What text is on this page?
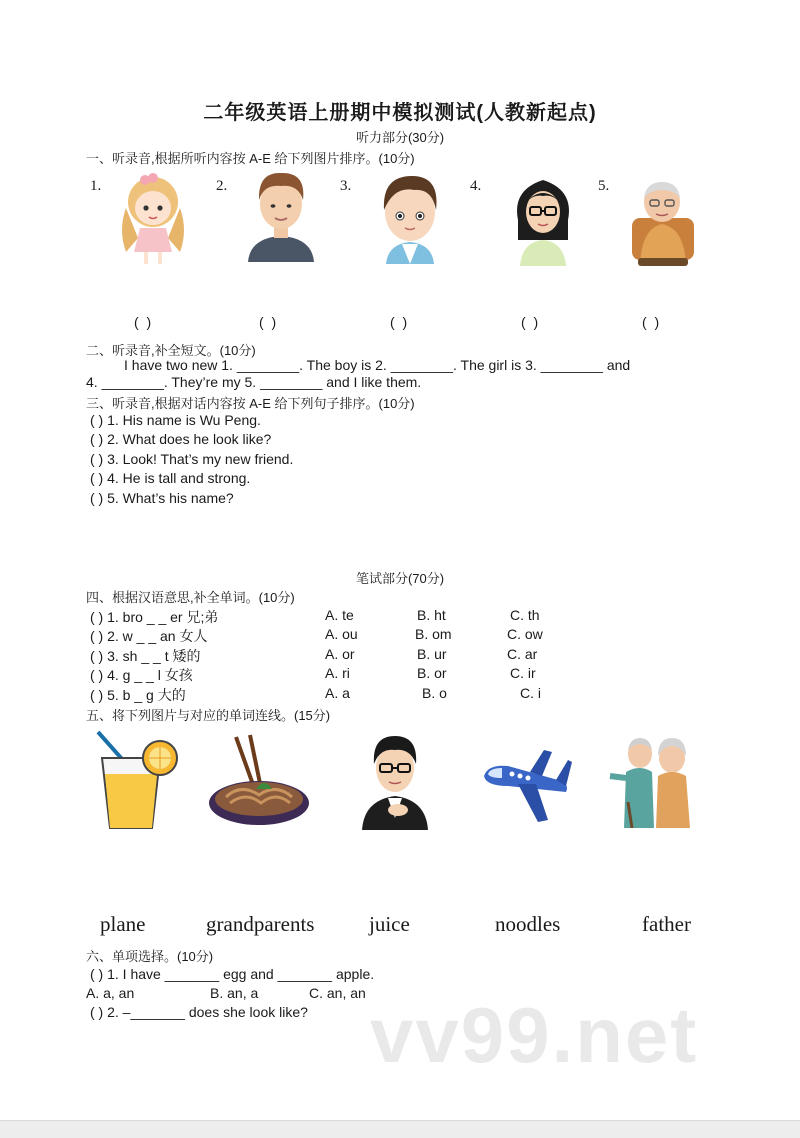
二年级英语上册期中模拟测试(人教新起点)
听力部分(30分)
一、听录音,根据所听内容按 A-E 给下列图片排序。(10分)
1.	2.	3.	4.	5.
( )	( )	( )	( )	( )
二、听录音,补全短文。(10分)
I have two new 1. ________. The boy is 2. ________. The girl is 3. ________ and
4. ________. They’re my 5. ________ and I like them.
三、听录音,根据对话内容按 A-E 给下列句子排序。(10分)
( ) 1. His name is Wu Peng.
( ) 2. What does he look like?
( ) 3. Look! That’s my new friend.
( ) 4. He is tall and strong.
( ) 5. What’s his name?
笔试部分(70分)
四、根据汉语意思,补全单词。(10分)
( ) 1. bro _ _ er 兄;弟	A. te	B. ht	C. th
( ) 2. w _ _ an 女人	A. ou	B. om	C. ow
( ) 3. sh _ _ t 矮的	A. or	B. ur	C. ar
( ) 4. g _ _ l 女孩	A. ri	B. or	C. ir
( ) 5. b _ g 大的	A. a	B. o	C. i
五、将下列图片与对应的单词连线。(15分)
plane	grandparents	juice	noodles	father
六、单项选择。(10分)
( ) 1. I have _______ egg and _______ apple.
A. a, an	B. an, a	C. an, an
( ) 2. –_______ does she look like? vv99.net
